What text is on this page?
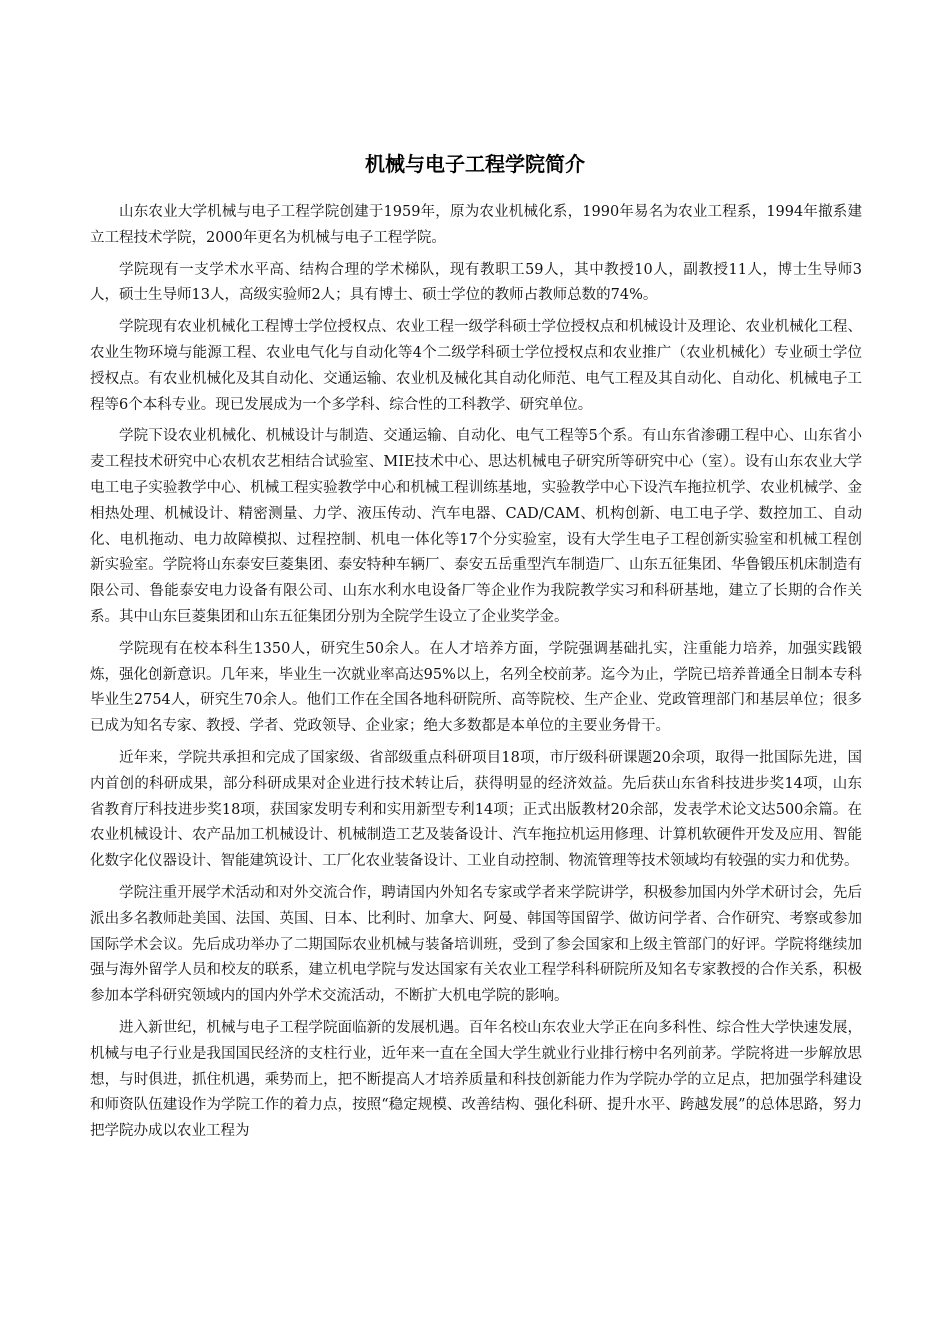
机械与电子工程学院简介

山东农业大学机械与电子工程学院创建于1959年，原为农业机械化系，1990年易名为农业工程系，1994年撤系建立工程技术学院，2000年更名为机械与电子工程学院。

学院现有一支学术水平高、结构合理的学术梯队，现有教职工59人，其中教授10人，副教授11人，博士生导师3人，硕士生导师13人，高级实验师2人；具有博士、硕士学位的教师占教师总数的74%。

学院现有农业机械化工程博士学位授权点、农业工程一级学科硕士学位授权点和机械设计及理论、农业机械化工程、农业生物环境与能源工程、农业电气化与自动化等4个二级学科硕士学位授权点和农业推广（农业机械化）专业硕士学位授权点。有农业机械化及其自动化、交通运输、农业机及械化其自动化师范、电气工程及其自动化、自动化、机械电子工程等6个本科专业。现已发展成为一个多学科、综合性的工科教学、研究单位。

学院下设农业机械化、机械设计与制造、交通运输、自动化、电气工程等5个系。有山东省渗硼工程中心、山东省小麦工程技术研究中心农机农艺相结合试验室、MIE技术中心、思达机械电子研究所等研究中心（室）。设有山东农业大学电工电子实验教学中心、机械工程实验教学中心和机械工程训练基地，实验教学中心下设汽车拖拉机学、农业机械学、金相热处理、机械设计、精密测量、力学、液压传动、汽车电器、CAD/CAM、机构创新、电工电子学、数控加工、自动化、电机拖动、电力故障模拟、过程控制、机电一体化等17个分实验室，设有大学生电子工程创新实验室和机械工程创新实验室。学院将山东泰安巨菱集团、泰安特种车辆厂、泰安五岳重型汽车制造厂、山东五征集团、华鲁锻压机床制造有限公司、鲁能泰安电力设备有限公司、山东水利水电设备厂等企业作为我院教学实习和科研基地，建立了长期的合作关系。其中山东巨菱集团和山东五征集团分别为全院学生设立了企业奖学金。

学院现有在校本科生1350人，研究生50余人。在人才培养方面，学院强调基础扎实，注重能力培养，加强实践锻炼，强化创新意识。几年来，毕业生一次就业率高达95%以上，名列全校前茅。迄今为止，学院已培养普通全日制本专科毕业生2754人，研究生70余人。他们工作在全国各地科研院所、高等院校、生产企业、党政管理部门和基层单位；很多已成为知名专家、教授、学者、党政领导、企业家；绝大多数都是本单位的主要业务骨干。

近年来，学院共承担和完成了国家级、省部级重点科研项目18项，市厅级科研课题20余项，取得一批国际先进，国内首创的科研成果，部分科研成果对企业进行技术转让后，获得明显的经济效益。先后获山东省科技进步奖14项，山东省教育厅科技进步奖18项，获国家发明专利和实用新型专利14项；正式出版教材20余部，发表学术论文达500余篇。在农业机械设计、农产品加工机械设计、机械制造工艺及装备设计、汽车拖拉机运用修理、计算机软硬件开发及应用、智能化数字化仪器设计、智能建筑设计、工厂化农业装备设计、工业自动控制、物流管理等技术领域均有较强的实力和优势。

学院注重开展学术活动和对外交流合作，聘请国内外知名专家或学者来学院讲学，积极参加国内外学术研讨会，先后派出多名教师赴美国、法国、英国、日本、比利时、加拿大、阿曼、韩国等国留学、做访问学者、合作研究、考察或参加国际学术会议。先后成功举办了二期国际农业机械与装备培训班，受到了参会国家和上级主管部门的好评。学院将继续加强与海外留学人员和校友的联系，建立机电学院与发达国家有关农业工程学科科研院所及知名专家教授的合作关系，积极参加本学科研究领域内的国内外学术交流活动，不断扩大机电学院的影响。

进入新世纪，机械与电子工程学院面临新的发展机遇。百年名校山东农业大学正在向多科性、综合性大学快速发展，机械与电子行业是我国国民经济的支柱行业，近年来一直在全国大学生就业行业排行榜中名列前茅。学院将进一步解放思想，与时俱进，抓住机遇，乘势而上，把不断提高人才培养质量和科技创新能力作为学院办学的立足点，把加强学科建设和师资队伍建设作为学院工作的着力点，按照“稳定规模、改善结构、强化科研、提升水平、跨越发展”的总体思路，努力把学院办成以农业工程为
